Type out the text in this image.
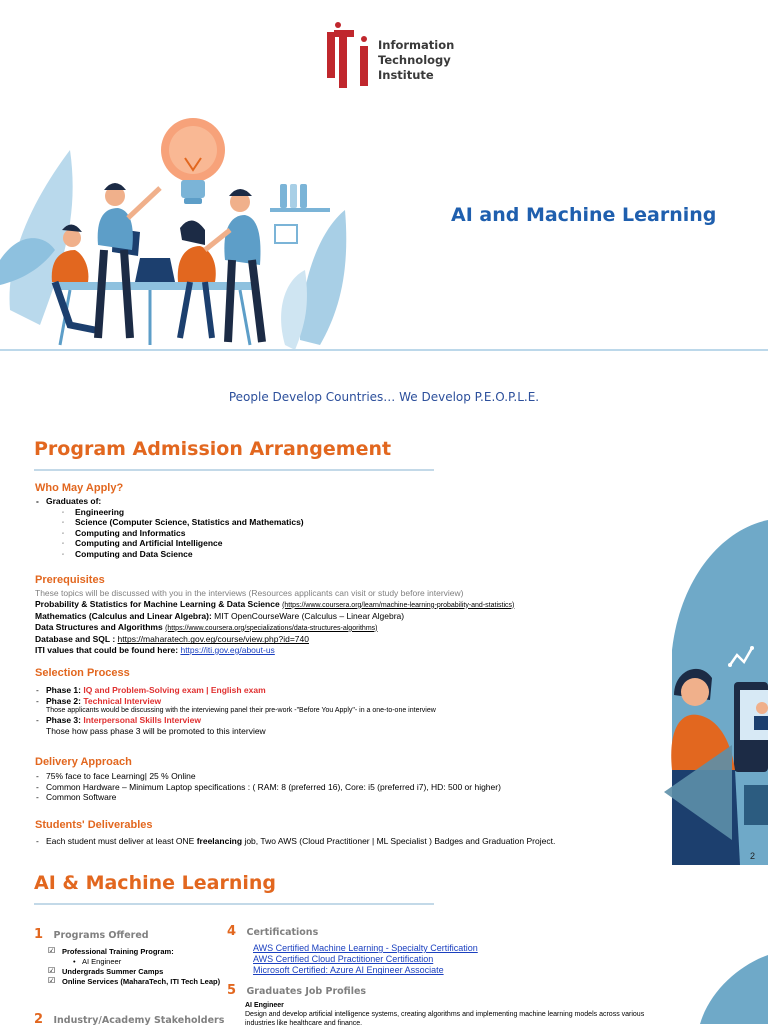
Information
Technology
Institute
AI and Machine Learning
People Develop Countries… We Develop P.E.O.P.L.E.
Program Admission Arrangement
Who May Apply?
- Graduates of:
◦ Engineering
◦ Science (Computer Science, Statistics and Mathematics)
◦ Computing and Informatics
◦ Computing and Artificial Intelligence
◦ Computing and Data Science
Prerequisites
These topics will be discussed with you in the interviews (Resources applicants can visit or study before interview)
Probability & Statistics for Machine Learning & Data Science (https://www.coursera.org/learn/machine-learning-probability-and-statistics)
Mathematics (Calculus and Linear Algebra): MIT OpenCourseWare (Calculus – Linear Algebra)
Data Structures and Algorithms (https://www.coursera.org/specializations/data-structures-algorithms)
Database and SQL : https://maharatech.gov.eg/course/view.php?id=740
ITI values that could be found here: https://iti.gov.eg/about-us
Selection Process
- Phase 1: IQ and Problem-Solving exam | English exam
- Phase 2: Technical Interview
Those applicants would be discussing with the interviewing panel their pre-work -"Before You Apply"- in a one-to-one interview
- Phase 3: Interpersonal Skills Interview
Those how pass phase 3 will be promoted to this interview
Delivery Approach
- 75% face to face Learning| 25 % Online
- Common Hardware – Minimum Laptop specifications : ( RAM: 8 (preferred 16), Core: i5 (preferred i7), HD: 500 or higher)
- Common Software
Students' Deliverables
- Each student must deliver at least ONE freelancing job, Two AWS (Cloud Practitioner | ML Specialist ) Badges and Graduation Project.
2
AI & Machine Learning
1 Programs Offered
☑ Professional Training Program:
• AI Engineer
☑ Undergrads Summer Camps
☑ Online Services (MaharaTech, ITI Tech Leap)
2 Industry/Academy Stakeholders
4 Certifications
AWS Certified Machine Learning - Specialty Certification
AWS Certified Cloud Practitioner Certification
Microsoft Certified: Azure AI Engineer Associate
5 Graduates Job Profiles
AI Engineer
Design and develop artificial intelligence systems, creating algorithms and implementing machine learning models across various industries like healthcare and finance.
